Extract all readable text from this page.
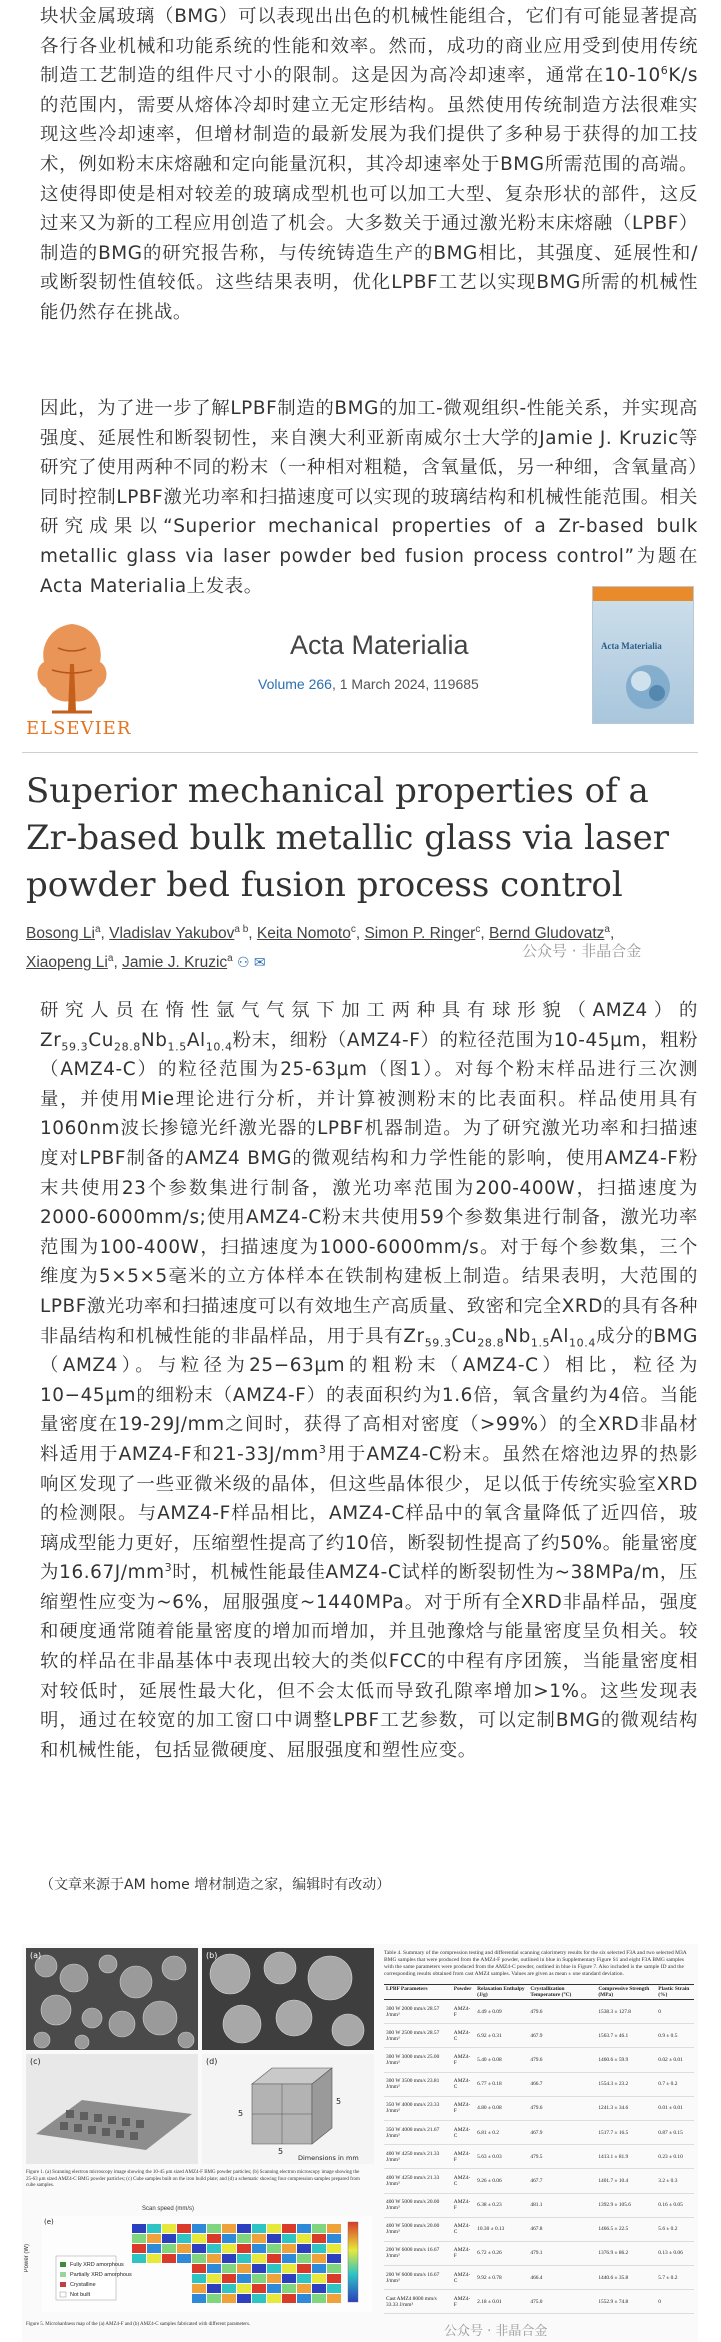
块状金属玻璃（BMG）可以表现出出色的机械性能组合，它们有可能显著提高各行各业机械和功能系统的性能和效率。然而，成功的商业应用受到使用传统制造工艺制造的组件尺寸小的限制。这是因为高冷却速率，通常在$10-10^6K/s$的范围内，需要从熔体冷却时建立无定形结构。虽然使用传统制造方法很难实现这些冷却速率，但增材制造的最新发展为我们提供了多种易于获得的加工技术，例如粉末床熔融和定向能量沉积，其冷却速率处于BMG所需范围的高端。这使得即使是相对较差的玻璃成型机也可以加工大型、复杂形状的部件，这反过来又为新的工程应用创造了机会。大多数关于通过激光粉末床熔融（LPBF）制造的BMG的研究报告称，与传统铸造生产的BMG相比，其强度、延展性和/或断裂韧性值较低。这些结果表明，优化LPBF工艺以实现BMG所需的机械性能仍然存在挑战。

因此，为了进一步了解LPBF制造的BMG的加工-微观组织-性能关系，并实现高强度、延展性和断裂韧性，来自澳大利亚新南威尔士大学的Jamie J. Kruzic等研究了使用两种不同的粉末（一种相对粗糙，含氧量低，另一种细，含氧量高）同时控制LPBF激光功率和扫描速度可以实现的玻璃结构和机械性能范围。相关研究成果以“Superior mechanical properties of a Zr-based bulk metallic glass via laser powder bed fusion process control”为题在Acta Materialia上发表。

ELSEVIER
Acta Materialia
Volume 266, 1 March 2024, 119685
Acta Materialia
Superior mechanical properties of a Zr-based bulk metallic glass via laser powder bed fusion process control
Bosong Li$^a$, Vladislav Yakubov$^{a b}$, Keita Nomoto$^c$, Simon P. Ringer$^c$, Bernd Gludovatz$^a$,
Xiaopeng Li$^a$, Jamie J. Kruzic$^a$ ⚇ ✉
公众号 · 非晶合金

研究人员在惰性氩气气氛下加工两种具有球形貌（AMZ4）的$Zr_{59.3}Cu_{28.8}Nb_{1.5}Al_{10.4}$粉末，细粉（AMZ4-F）的粒径范围为10-45μm，粗粉（AMZ4-C）的粒径范围为25-63μm（图1）。对每个粉末样品进行三次测量，并使用Mie理论进行分析，并计算被测粉末的比表面积。样品使用具有1060nm波长掺镱光纤激光器的LPBF机器制造。为了研究激光功率和扫描速度对LPBF制备的AMZ4 BMG的微观结构和力学性能的影响，使用AMZ4-F粉末共使用23个参数集进行制备，激光功率范围为200-400W，扫描速度为2000-6000mm/s;使用AMZ4-C粉末共使用59个参数集进行制备，激光功率范围为100-400W，扫描速度为1000-6000mm/s。对于每个参数集，三个维度为5×5×5毫米的立方体样本在铁制构建板上制造。结果表明，大范围的LPBF激光功率和扫描速度可以有效地生产高质量、致密和完全XRD的具有各种非晶结构和机械性能的非晶样品，用于具有$Zr_{59.3}Cu_{28.8}Nb_{1.5}Al_{10.4}$成分的BMG（AMZ4）。与粒径为25−63μm的粗粉末（AMZ4-C）相比，粒径为10−45μm的细粉末（AMZ4-F）的表面积约为1.6倍，氧含量约为4倍。当能量密度在19-29J/mm之间时，获得了高相对密度（>99%）的全XRD非晶材料适用于AMZ4-F和$21-33J/mm^3$用于AMZ4-C粉末。虽然在熔池边界的热影响区发现了一些亚微米级的晶体，但这些晶体很少，足以低于传统实验室XRD的检测限。与AMZ4-F样品相比，AMZ4-C样品中的氧含量降低了近四倍，玻璃成型能力更好，压缩塑性提高了约10倍，断裂韧性提高了约50%。能量密度为$16.67J/mm^3$时，机械性能最佳AMZ4-C试样的断裂韧性为~38MPa/m，压缩塑性应变为~6%，屈服强度~1440MPa。对于所有全XRD非晶样品，强度和硬度通常随着能量密度的增加而增加，并且弛豫焓与能量密度呈负相关。较软的样品在非晶基体中表现出较大的类似FCC的中程有序团簇，当能量密度相对较低时，延展性最大化，但不会太低而导致孔隙率增加>1%。这些发现表明，通过在较宽的加工窗口中调整LPBF工艺参数，可以定制BMG的微观结构和机械性能，包括显微硬度、屈服强度和塑性应变。

（文章来源于AM home 增材制造之家，编辑时有改动）

(a)	(b)
(c)	(d)
5
5
5
Dimensions in mm
Figure 1. (a) Scanning electron microscopy image showing the 10-45 μm sized AMZ4-F BMG powder particles; (b) Scanning electron microscopy image showing the 25-63 μm sized AMZ4-C BMG powder particles; (c) Cube samples built on the iron build plate; and (d) a schematic showing four compression samples prepared from cube samples.
Scan speed (mm/s)
Power (W)
(e)
Fully XRD amorphous
Partially XRD amorphous
Crystalline
Not built
Figure 5. Microhardness map of the (a) AMZ4-F and (b) AMZ4-C samples fabricated with different parameters.
Table 4. Summary of the compression testing and differential scanning calorimetry results for the six selected F3A and two selected M3A BMG samples that were produced from the AMZ4-F powder, outlined in blue in Supplementary Figure S1 and eight F3A BMG samples with the same parameters were produced from the AMZ4-C powder, outlined in blue in Figure 7. Also included is the sample ID and the corresponding results obtained from cast AMZ4 samples. Values are given as mean ± one standard deviation.
LPBF Parameters	Powder	Relaxation Enthalpy (J/g)	Crystallization Temperature (°C)	Compressive Strength (MPa)	Plastic Strain (%)
300 W 2000 mm/s 28.57 J/mm³	AMZ4-F	4.49 ± 0.09	479.6	1538.3 ± 127.8	0
300 W 2500 mm/s 28.57 J/mm³	AMZ4-C	6.92 ± 0.31	467.9	1563.7 ± 46.1	0.9 ± 0.5
300 W 3000 mm/s 25.00 J/mm³	AMZ4-F	5.40 ± 0.08	479.6	1460.6 ± 59.9	0.02 ± 0.01
300 W 3500 mm/s 23.81 J/mm³	AMZ4-C	6.77 ± 0.18	466.7	1554.3 ± 23.2	0.7 ± 0.2
350 W 4000 mm/s 23.33 J/mm³	AMZ4-F	4.80 ± 0.08	479.6	1241.3 ± 34.6	0.01 ± 0.01
350 W 4000 mm/s 21.67 J/mm³	AMZ4-C	6.81 ± 0.2	467.9	1517.7 ± 16.5	0.87 ± 0.15
400 W 4250 mm/s 21.33 J/mm³	AMZ4-F	5.63 ± 0.03	479.5	1413.1 ± 81.9	0.23 ± 0.10
400 W 4250 mm/s 21.33 J/mm³	AMZ4-C	9.26 ± 0.06	467.7	1401.7 ± 10.4	3.2 ± 0.3
400 W 5000 mm/s 20.00 J/mm³	AMZ4-F	6.38 ± 0.23	481.1	1392.9 ± 105.6	0.16 ± 0.05
400 W 5000 mm/s 20.00 J/mm³	AMZ4-C	10.30 ± 0.13	467.8	1466.5 ± 22.5	5.6 ± 0.2
200 W 6000 mm/s 16.67 J/mm³	AMZ4-F	6.72 ± 0.26	479.1	1376.9 ± 86.2	0.13 ± 0.06
200 W 6000 mm/s 16.67 J/mm³	AMZ4-C	9.92 ± 0.78	466.4	1440.6 ± 35.8	5.7 ± 0.2
Cast AMZ4 8000 mm/s 33.33 J/mm³	AMZ4-F	2.18 ± 0.01	475.0	1552.9 ± 74.8	0
公众号 · 非晶合金
